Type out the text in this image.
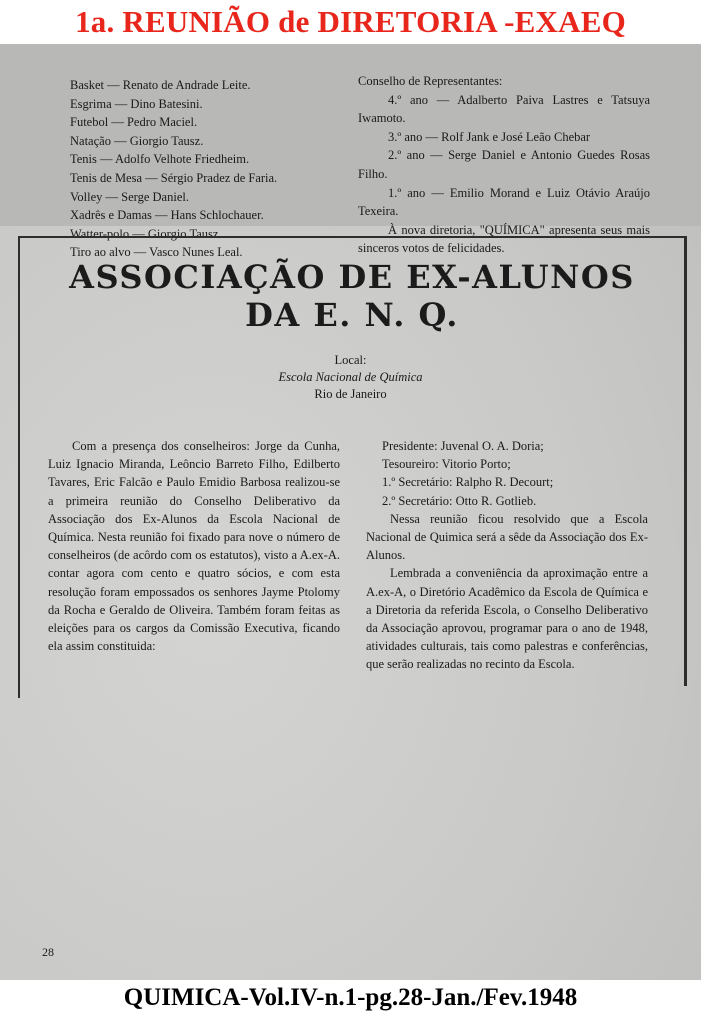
Basket — Renato de Andrade Leite.

Esgrima — Dino Batesini.

Futebol — Pedro Maciel.

Natação — Giorgio Tausz.

Tenis — Adolfo Velhote Friedheim.

Tenis de Mesa — Sérgio Pradez de Faria.

Volley — Serge Daniel.

Xadrês e Damas — Hans Schlochauer.

Watter-polo — Giorgio Tausz.

Tiro ao alvo — Vasco Nunes Leal.

Conselho de Representantes:

4.º ano — Adalberto Paiva Lastres e Tatsuya Iwamoto.

3.º ano — Rolf Jank e José Leão Chebar

2.º ano — Serge Daniel e Antonio Guedes Rosas Filho.

1.º ano — Emilio Morand e Luiz Otávio Araújo Texeira.

À nova diretoria, "QUÍMICA" apresenta seus mais sinceros votos de felicidades.

1a. REUNIÃO de DIRETORIA -EXAEQ
ASSOCIAÇÃO DE EX-ALUNOS
DA E. N. Q.

Local:

Escola Nacional de Química

Rio de Janeiro

Com a presença dos conselheiros: Jorge da Cunha, Luiz Ignacio Miranda, Leôncio Barreto Filho, Edilberto Tavares, Eric Falcão e Paulo Emidio Barbosa realizou-se a primeira reunião do Conselho Deliberativo da Associação dos Ex-Alunos da Escola Nacional de Química. Nesta reunião foi fixado para nove o número de conselheiros (de acôrdo com os estatutos), visto a A.ex-A. contar agora com cento e quatro sócios, e com esta resolução foram empossados os senhores Jayme Ptolomy da Rocha e Geraldo de Oliveira. Também foram feitas as eleições para os cargos da Comissão Executiva, ficando ela assim constituida:

Presidente: Juvenal O. A. Doria;

Tesoureiro: Vitorio Porto;

1.º Secretário: Ralpho R. Decourt;

2.º Secretário: Otto R. Gotlieb.

Nessa reunião ficou resolvido que a Escola Nacional de Quimica será a sêde da Associação dos Ex-Alunos.

Lembrada a conveniência da aproximação entre a A.ex-A, o Diretório Acadêmico da Escola de Química e a Diretoria da referida Escola, o Conselho Deliberativo da Associação aprovou, programar para o ano de 1948, atividades culturais, tais como palestras e conferências, que serão realizadas no recinto da Escola.

28
QUIMICA-Vol.IV-n.1-pg.28-Jan./Fev.1948
